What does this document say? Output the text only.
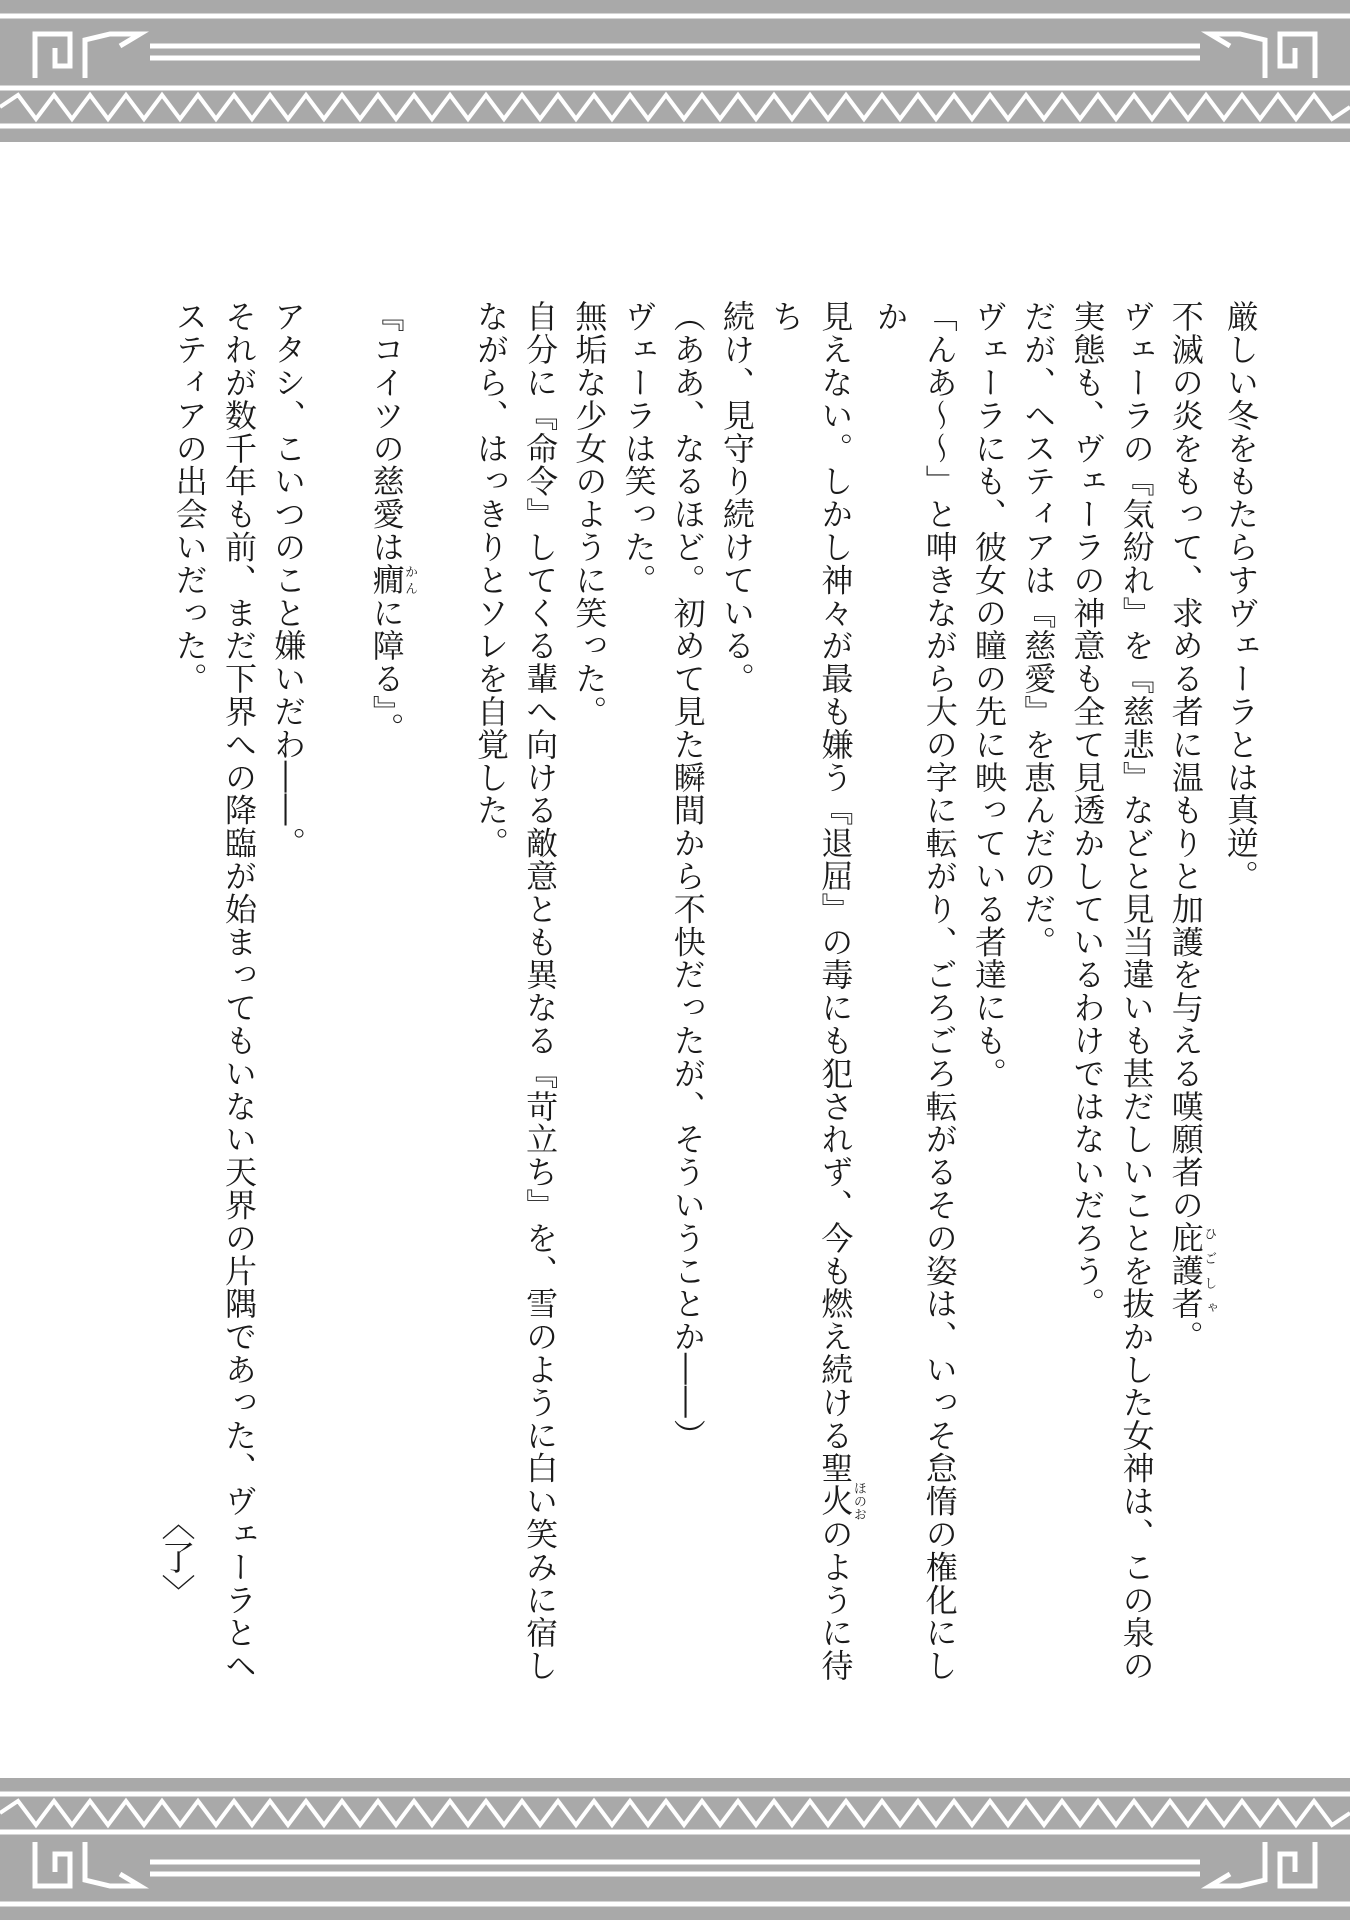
厳しい冬をもたらすヴェーラとは真逆。

不滅の炎をもって、求める者に温もりと加護を与える嘆願者の庇護者ひごしゃ。

ヴェーラの『気紛れ』を『慈悲』などと見当違いも甚だしいことを抜かした女神は、この泉の

実態も、ヴェーラの神意も全て見透かしているわけではないだろう。

だが、ヘスティアは『慈愛』を恵んだのだ。

ヴェーラにも、彼女の瞳の先に映っている者達にも。

「んあ〜〜」と呻きながら大の字に転がり、ごろごろ転がるその姿は、いっそ怠惰の権化にしか

見えない。しかし神々が最も嫌う『退屈』の毒にも犯されず、今も燃え続ける聖火ほのおのように待ち

続け、見守り続けている。

（ああ、なるほど。初めて見た瞬間から不快だったが、そういうことか――）

ヴェーラは笑った。

無垢な少女のように笑った。

自分に『命令』してくる輩へ向ける敵意とも異なる『苛立ち』を、雪のように白い笑みに宿し

ながら、はっきりとソレを自覚した。

『コイツの慈愛は癇かんに障る』。

アタシ、こいつのこと嫌いだわ――。

それが数千年も前、まだ下界への降臨が始まってもいない天界の片隅であった、ヴェーラとヘ

スティアの出会いだった。

〈了〉
